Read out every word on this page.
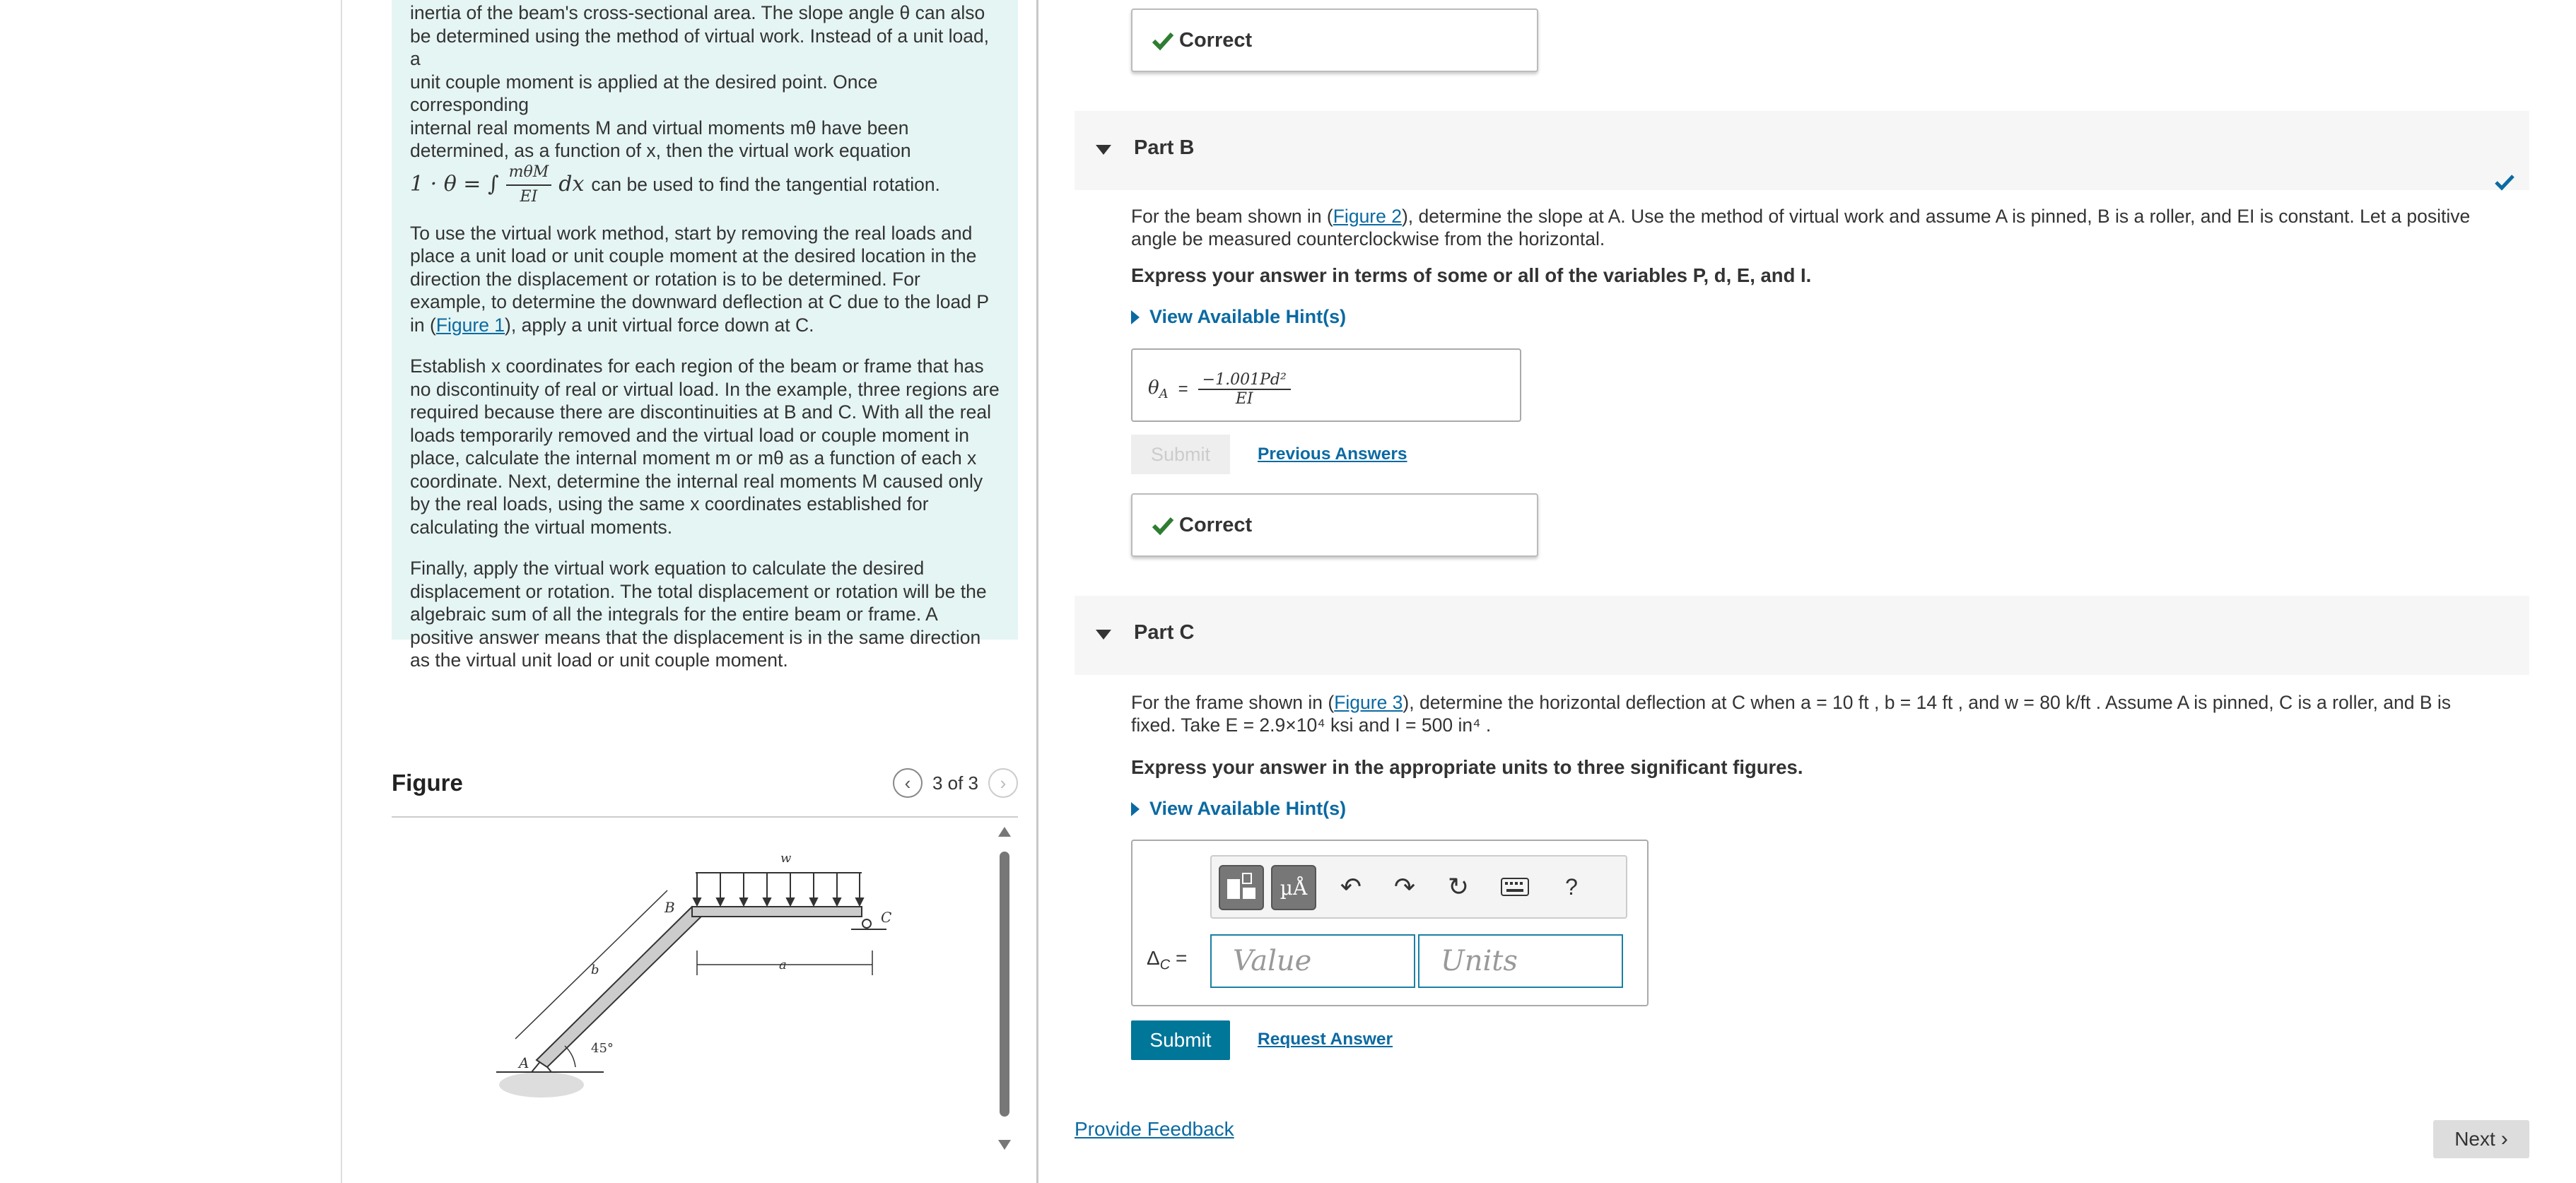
inertia of the beam's cross-sectional area. The slope angle θ can also
be determined using the method of virtual work. Instead of a unit load, a
unit couple moment is applied at the desired point. Once corresponding
internal real moments M and virtual moments mθ have been
determined, as a function of x, then the virtual work equation

1 · θ = ∫ mθM
EI dx can be used to find the tangential rotation.

To use the virtual work method, start by removing the real loads and place a unit load or unit couple moment at the desired location in the direction the displacement or rotation is to be determined. For example, to determine the downward deflection at C due to the load P in (Figure 1), apply a unit virtual force down at C.

Establish x coordinates for each region of the beam or frame that has no discontinuity of real or virtual load. In the example, three regions are required because there are discontinuities at B and C. With all the real loads temporarily removed and the virtual load or couple moment in place, calculate the internal moment m or mθ as a function of each x coordinate. Next, determine the internal real moments M caused only by the real loads, using the same x coordinates established for calculating the virtual moments.

Finally, apply the virtual work equation to calculate the desired displacement or rotation. The total displacement or rotation will be the algebraic sum of all the integrals for the entire beam or frame. A positive answer means that the displacement is in the same direction as the virtual unit load or unit couple moment.

Figure	‹ 3 of 3 ›
w
B
C
b	a
A
45°
Correct
Part B
For the beam shown in (Figure 2), determine the slope at A. Use the method of virtual work and assume A is pinned, B is a roller, and EI is constant. Let a positive angle be measured counterclockwise from the horizontal.
Express your answer in terms of some or all of the variables P, d, E, and I.
View Available Hint(s)
$\theta_A = \frac{\text{−1.001Pd²}}{EI}$
Submit	Previous Answers
Correct
Part C
For the frame shown in (Figure 3), determine the horizontal deflection at C when a = 10 ft , b = 14 ft , and w = 80 k/ft . Assume A is pinned, C is a roller, and B is
fixed. Take E = 2.9×10⁴ ksi and I = 500 in⁴ .
Express your answer in the appropriate units to three significant figures.
View Available Hint(s)
µÅ ↶ ↷ ↻	?
$\Delta_C$ =	Value	Units
Submit	Request Answer
Provide Feedback	Next ›
